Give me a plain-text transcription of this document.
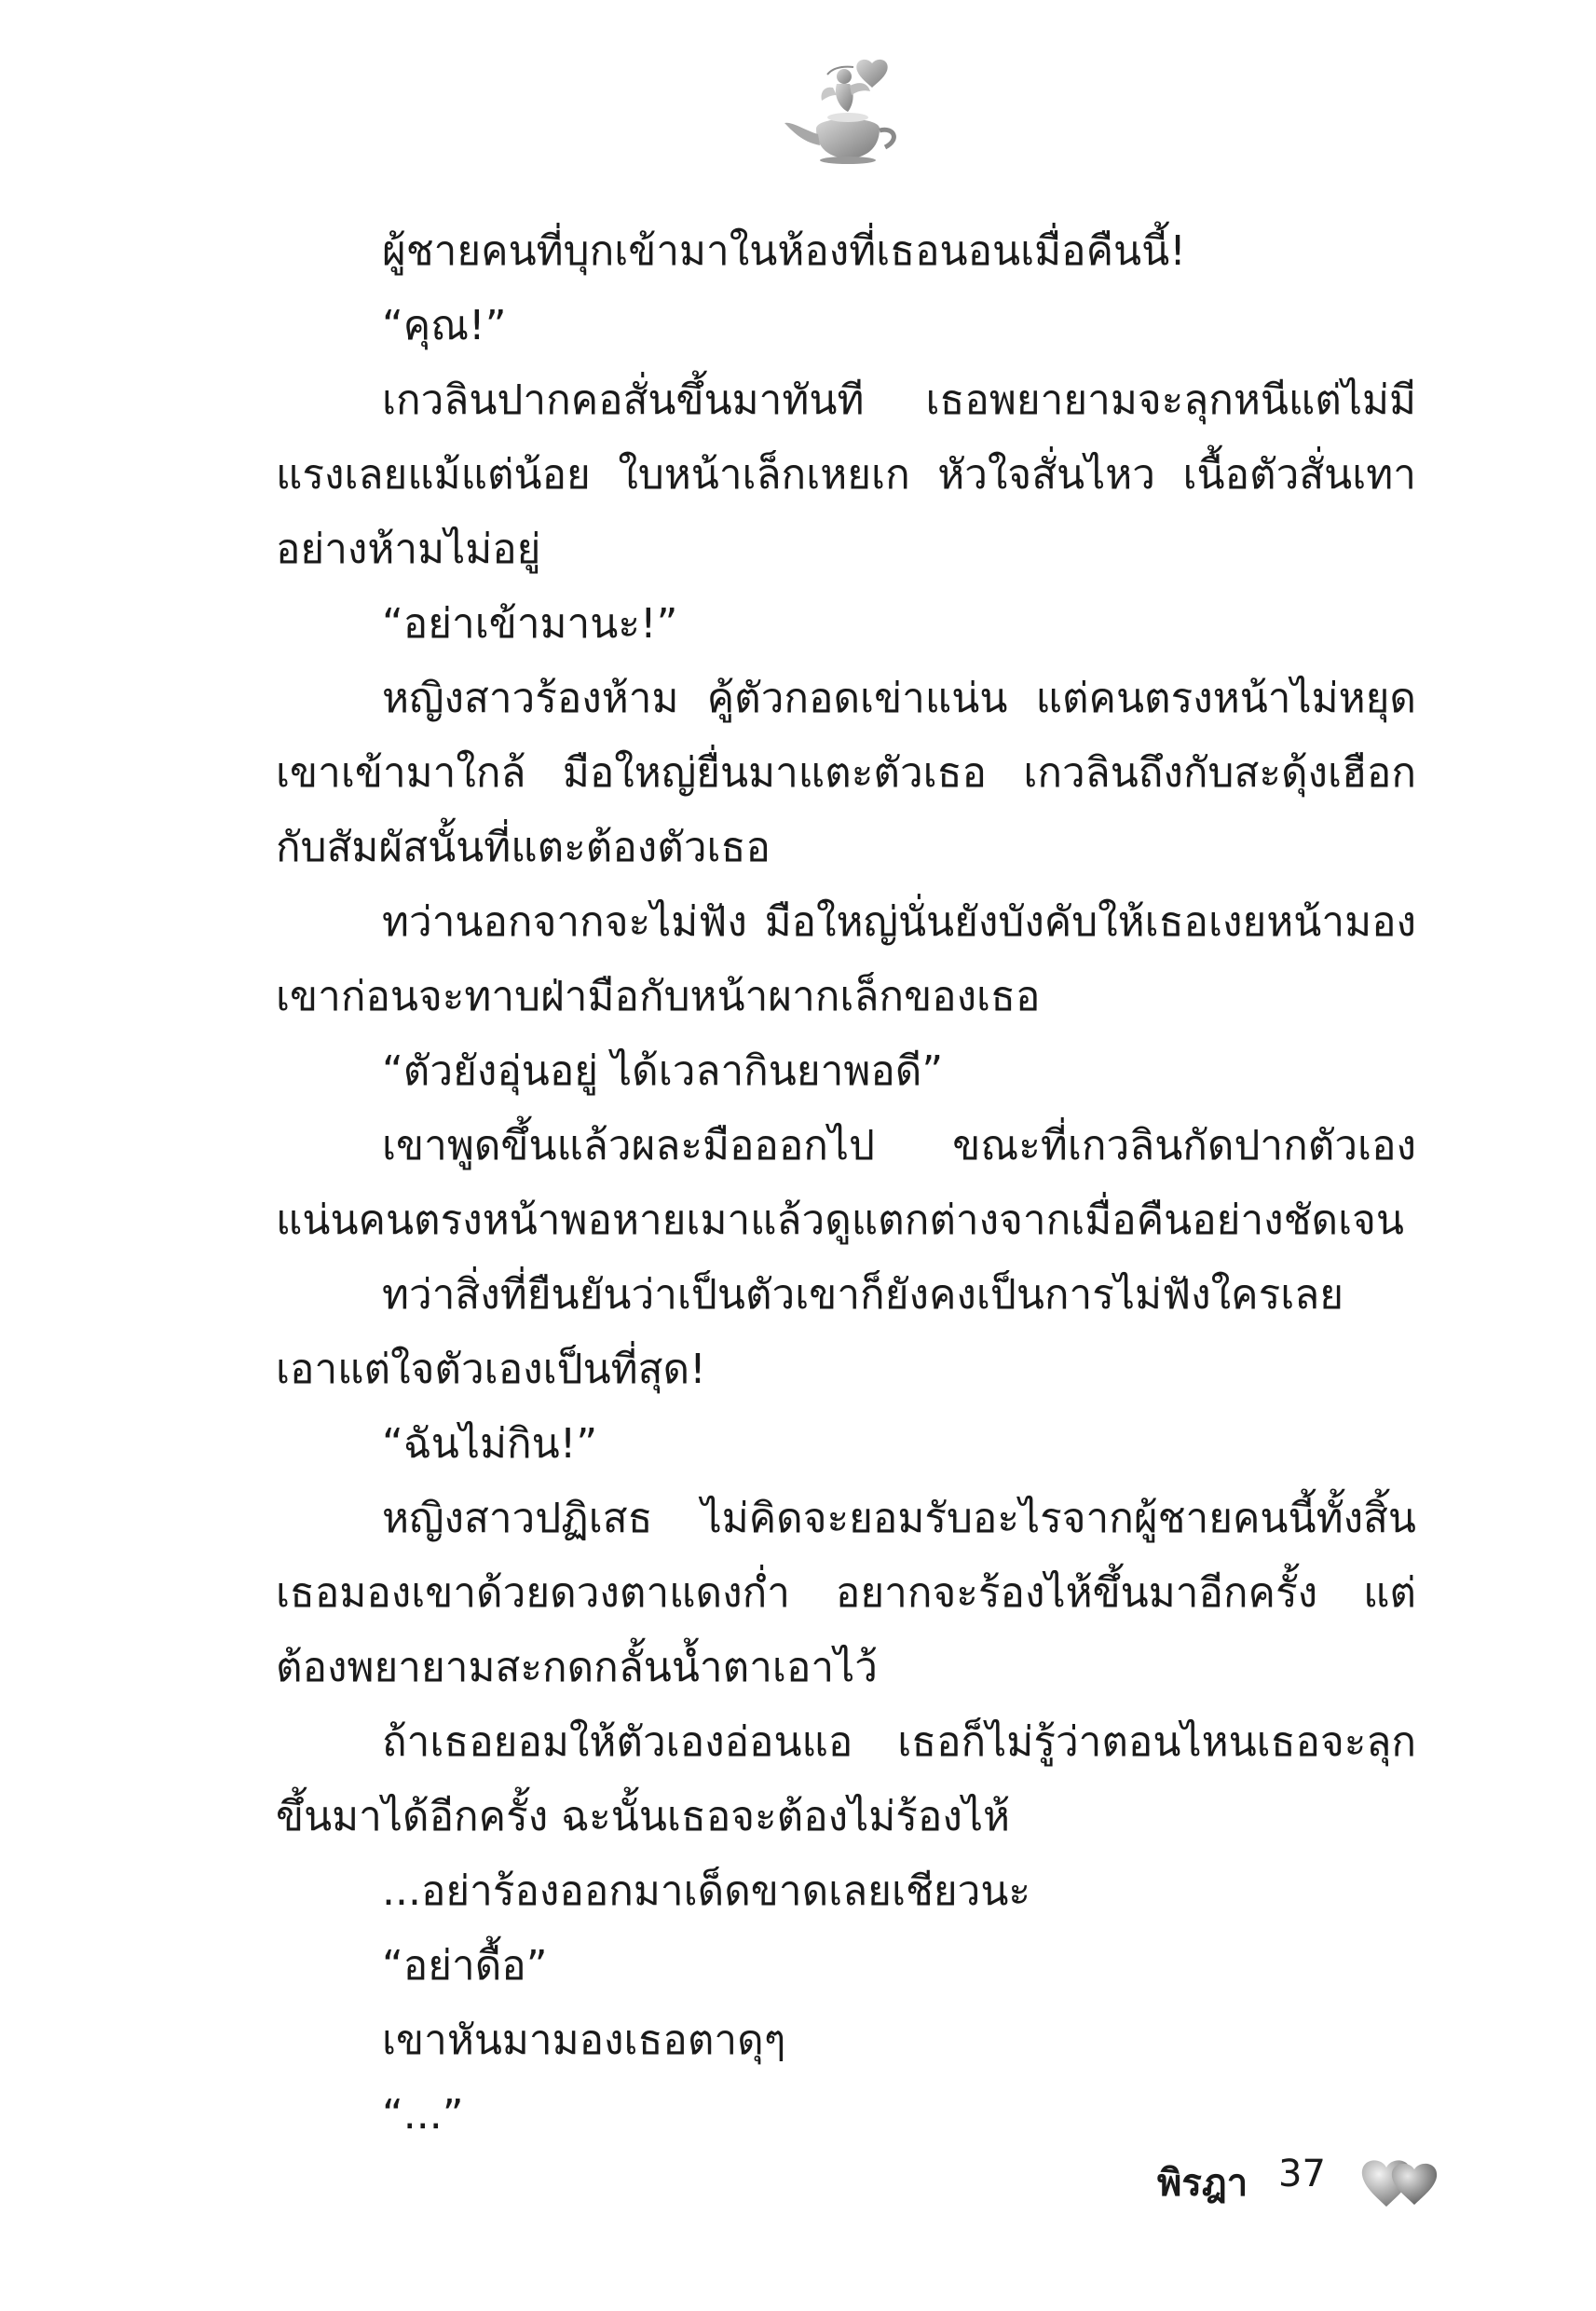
ผู้ชายคนที่บุกเข้ามาในห้องที่เธอนอนเมื่อคืนนี้!

“คุณ!”

เกวลินปากคอสั่นขึ้นมาทันที เธอพยายามจะลุกหนีแต่ไม่มีแรงเลยแม้แต่น้อย ใบหน้าเล็กเหยเก หัวใจสั่นไหว เนื้อตัวสั่นเทาอย่างห้ามไม่อยู่

“อย่าเข้ามานะ!”

หญิงสาวร้องห้าม คู้ตัวกอดเข่าแน่น แต่คนตรงหน้าไม่หยุดเขาเข้ามาใกล้ มือใหญ่ยื่นมาแตะตัวเธอ เกวลินถึงกับสะดุ้งเฮือกกับสัมผัสนั้นที่แตะต้องตัวเธอ

ทว่านอกจากจะไม่ฟัง มือใหญ่นั่นยังบังคับให้เธอเงยหน้ามองเขาก่อนจะทาบฝ่ามือกับหน้าผากเล็กของเธอ

“ตัวยังอุ่นอยู่ ได้เวลากินยาพอดี”

เขาพูดขึ้นแล้วผละมือออกไป ขณะที่เกวลินกัดปากตัวเองแน่นคนตรงหน้าพอหายเมาแล้วดูแตกต่างจากเมื่อคืนอย่างชัดเจน

ทว่าสิ่งที่ยืนยันว่าเป็นตัวเขาก็ยังคงเป็นการไม่ฟังใครเลย เอาแต่ใจตัวเองเป็นที่สุด!

“ฉันไม่กิน!”

หญิงสาวปฏิเสธ ไม่คิดจะยอมรับอะไรจากผู้ชายคนนี้ทั้งสิ้น เธอมองเขาด้วยดวงตาแดงก่ำ อยากจะร้องไห้ขึ้นมาอีกครั้ง แต่ต้องพยายามสะกดกลั้นน้ำตาเอาไว้

ถ้าเธอยอมให้ตัวเองอ่อนแอ เธอก็ไม่รู้ว่าตอนไหนเธอจะลุกขึ้นมาได้อีกครั้ง ฉะนั้นเธอจะต้องไม่ร้องไห้

...อย่าร้องออกมาเด็ดขาดเลยเชียวนะ

“อย่าดื้อ”

เขาหันมามองเธอตาดุๆ

“...”

พิรฎา 37
